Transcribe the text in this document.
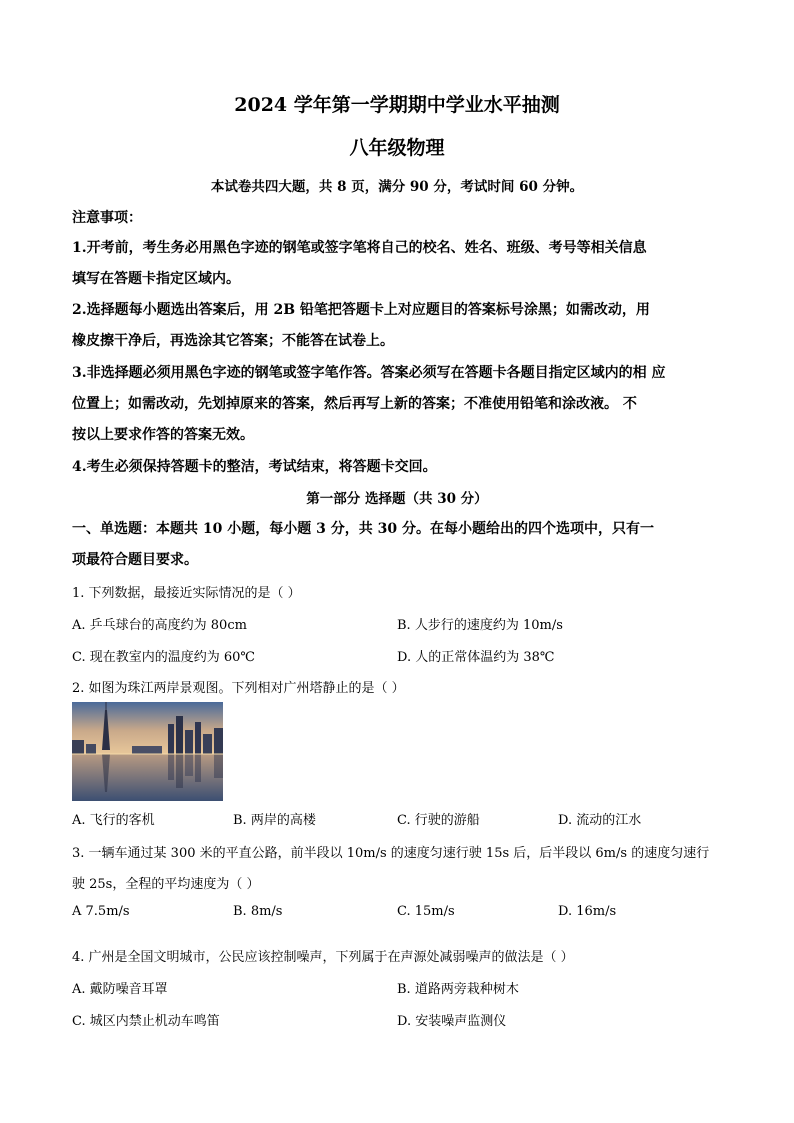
2024 学年第一学期期中学业水平抽测
八年级物理
本试卷共四大题，共 8 页，满分 90 分，考试时间 60 分钟。
注意事项：
1.开考前，考生务必用黑色字迹的钢笔或签字笔将自己的校名、姓名、班级、考号等相关信息
填写在答题卡指定区域内。
2.选择题每小题选出答案后，用 2B 铅笔把答题卡上对应题目的答案标号涂黑；如需改动，用
橡皮擦干净后，再选涂其它答案；不能答在试卷上。
3.非选择题必须用黑色字迹的钢笔或签字笔作答。答案必须写在答题卡各题目指定区域内的相 应
位置上；如需改动，先划掉原来的答案，然后再写上新的答案；不准使用铅笔和涂改液。 不
按以上要求作答的答案无效。
4.考生必须保持答题卡的整洁，考试结束，将答题卡交回。
第一部分 选择题（共 30 分）
一、单选题：本题共 10 小题，每小题 3 分，共 30 分。在每小题给出的四个选项中，只有一
项最符合题目要求。
1. 下列数据，最接近实际情况的是（ ）
A. 乒乓球台的高度约为 80cm	B. 人步行的速度约为 10m/s
C. 现在教室内的温度约为 60℃	D. 人的正常体温约为 38℃
2. 如图为珠江两岸景观图。下列相对广州塔静止的是（ ）
A. 飞行的客机	B. 两岸的高楼	C. 行驶的游船	D. 流动的江水
3. 一辆车通过某 300 米的平直公路，前半段以 10m/s 的速度匀速行驶 15s 后，后半段以 6m/s 的速度匀速行
驶 25s，全程的平均速度为（ ）
A 7.5m/s	B. 8m/s	C. 15m/s	D. 16m/s
4. 广州是全国文明城市，公民应该控制噪声，下列属于在声源处减弱噪声的做法是（ ）
A. 戴防噪音耳罩	B. 道路两旁栽种树木
C. 城区内禁止机动车鸣笛	D. 安装噪声监测仪
